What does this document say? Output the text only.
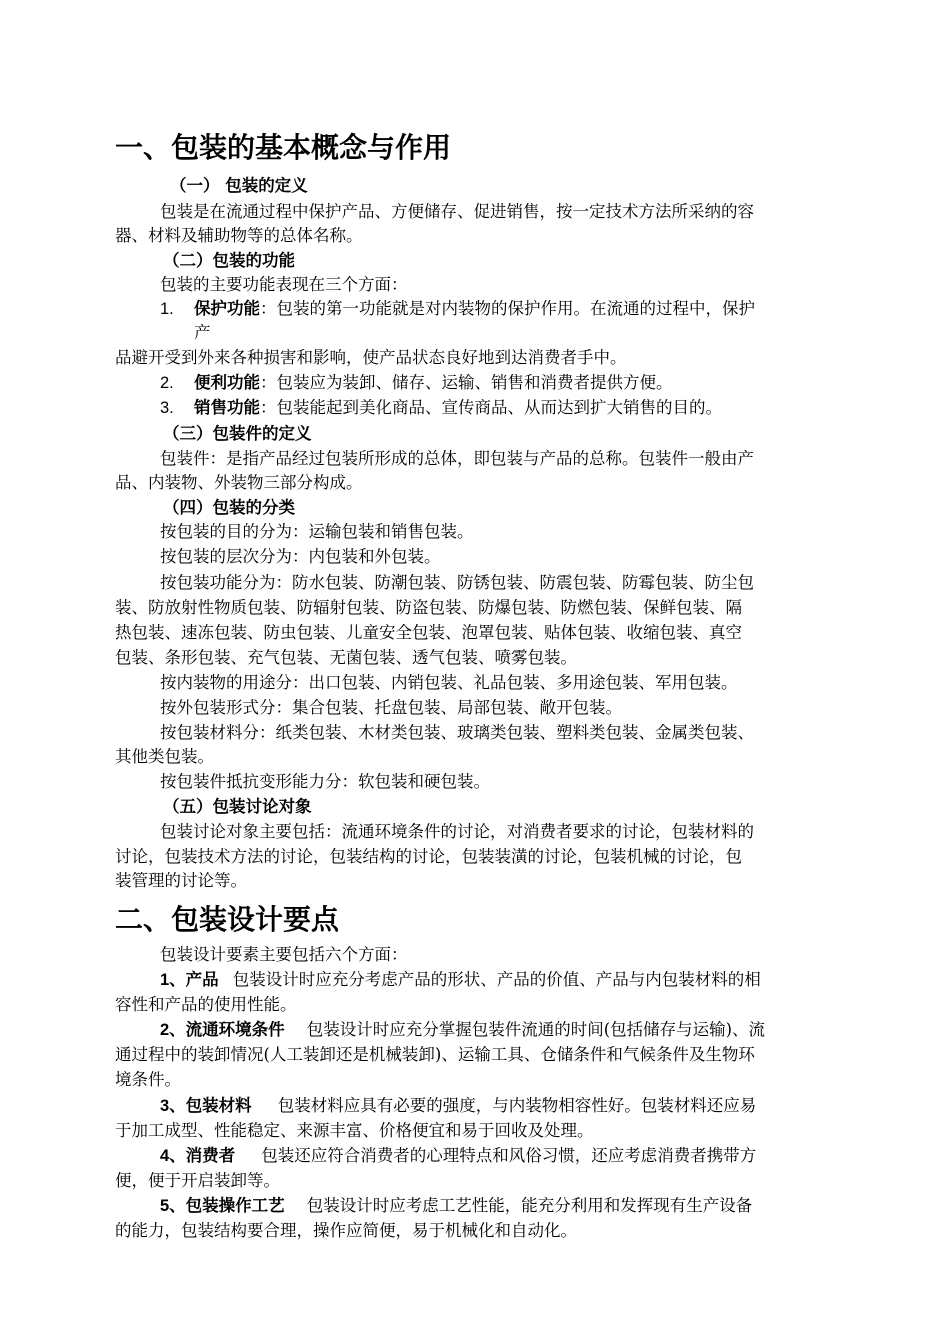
一、包装的基本概念与作用
（一） 包装的定义
包装是在流通过程中保护产品、方便储存、促进销售，按一定技术方法所采纳的容
器、材料及辅助物等的总体名称。
（二）包装的功能
包装的主要功能表现在三个方面：
1. 保护功能：包装的第一功能就是对内装物的保护作用。在流通的过程中，保护
产
品避开受到外来各种损害和影响，使产品状态良好地到达消费者手中。
2. 便利功能：包装应为装卸、储存、运输、销售和消费者提供方便。
3. 销售功能：包装能起到美化商品、宣传商品、从而达到扩大销售的目的。
（三）包装件的定义
包装件：是指产品经过包装所形成的总体，即包装与产品的总称。包装件一般由产
品、内装物、外装物三部分构成。
（四）包装的分类
按包装的目的分为：运输包装和销售包装。
按包装的层次分为：内包装和外包装。
按包装功能分为：防水包装、防潮包装、防锈包装、防震包装、防霉包装、防尘包
装、防放射性物质包装、防辐射包装、防盗包装、防爆包装、防燃包装、保鲜包装、隔
热包装、速冻包装、防虫包装、儿童安全包装、泡罩包装、贴体包装、收缩包装、真空
包装、条形包装、充气包装、无菌包装、透气包装、喷雾包装。
按内装物的用途分：出口包装、内销包装、礼品包装、多用途包装、军用包装。
按外包装形式分：集合包装、托盘包装、局部包装、敞开包装。
按包装材料分：纸类包装、木材类包装、玻璃类包装、塑料类包装、金属类包装、
其他类包装。
按包装件抵抗变形能力分：软包装和硬包装。
（五）包装讨论对象
包装讨论对象主要包括：流通环境条件的讨论，对消费者要求的讨论，包装材料的
讨论，包装技术方法的讨论，包装结构的讨论，包装装潢的讨论，包装机械的讨论，包
装管理的讨论等。
二、包装设计要点
包装设计要素主要包括六个方面：
1、产品 包装设计时应充分考虑产品的形状、产品的价值、产品与内包装材料的相
容性和产品的使用性能。
2、流通环境条件 包装设计时应充分掌握包装件流通的时间(包括储存与运输)、流
通过程中的装卸情况(人工装卸还是机械装卸)、运输工具、仓储条件和气候条件及生物环
境条件。
3、包装材料 包装材料应具有必要的强度，与内装物相容性好。包装材料还应易
于加工成型、性能稳定、来源丰富、价格便宜和易于回收及处理。
4、消费者 包装还应符合消费者的心理特点和风俗习惯，还应考虑消费者携带方
便，便于开启装卸等。
5、包装操作工艺 包装设计时应考虑工艺性能，能充分利用和发挥现有生产设备
的能力，包装结构要合理，操作应简便，易于机械化和自动化。
